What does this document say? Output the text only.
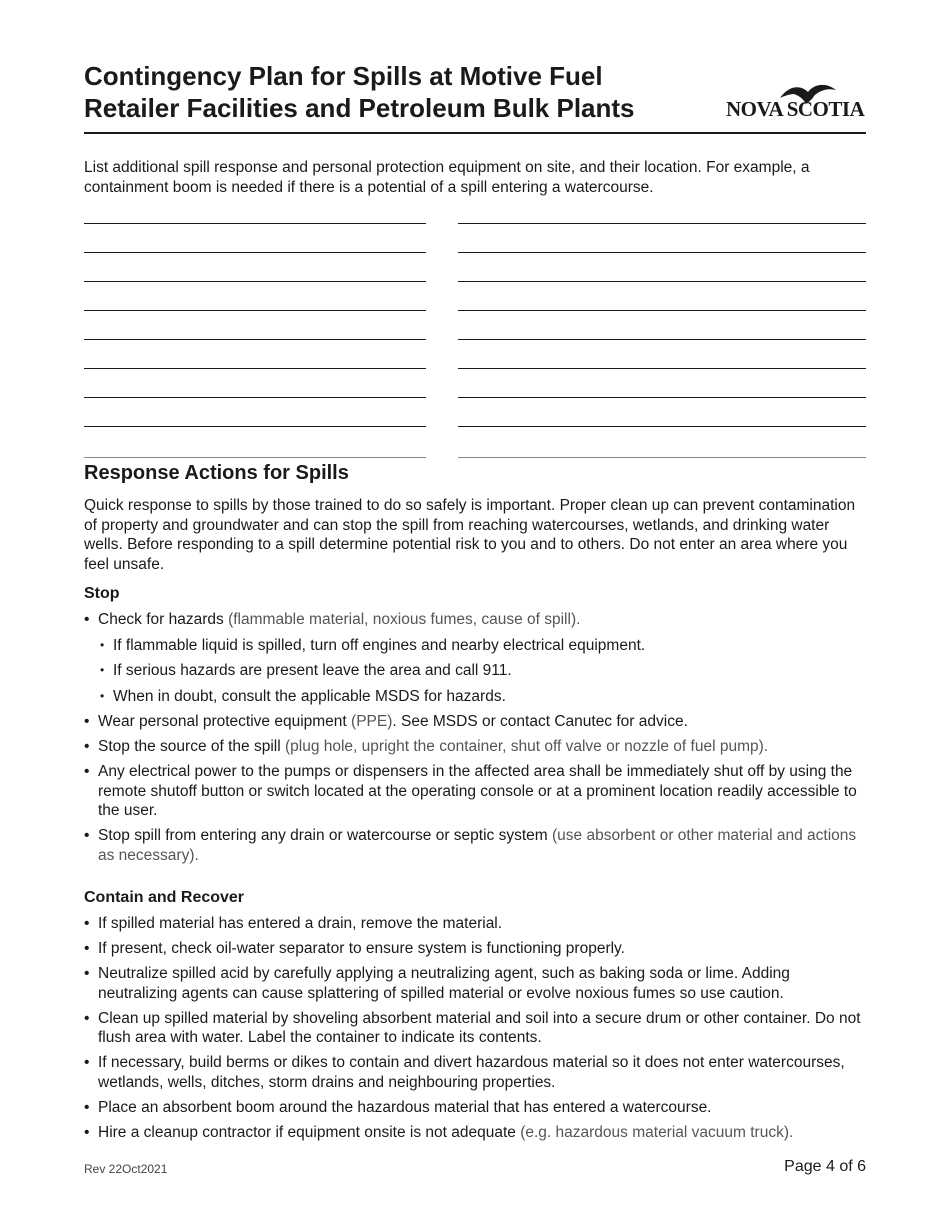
Contingency Plan for Spills at Motive Fuel
Retailer Facilities and Petroleum Bulk Plants	NOVA SCOTIA

List additional spill response and personal protection equipment on site, and their location. For example, a containment boom is needed if there is a potential of a spill entering a watercourse.

Response Actions for Spills

Quick response to spills by those trained to do so safely is important. Proper clean up can prevent contamination of property and groundwater and can stop the spill from reaching watercourses, wetlands, and drinking water wells. Before responding to a spill determine potential risk to you and to others. Do not enter an area where you feel unsafe.

Stop
• Check for hazards (flammable material, noxious fumes, cause of spill).
• If flammable liquid is spilled, turn off engines and nearby electrical equipment.
• If serious hazards are present leave the area and call 911.
• When in doubt, consult the applicable MSDS for hazards.
• Wear personal protective equipment (PPE). See MSDS or contact Canutec for advice.
• Stop the source of the spill (plug hole, upright the container, shut off valve or nozzle of fuel pump).
• Any electrical power to the pumps or dispensers in the affected area shall be immediately shut off by using the remote shutoff button or switch located at the operating console or at a prominent location readily accessible to the user.
• Stop spill from entering any drain or watercourse or septic system (use absorbent or other material and actions as necessary).
Contain and Recover
• If spilled material has entered a drain, remove the material.
• If present, check oil-water separator to ensure system is functioning properly.
• Neutralize spilled acid by carefully applying a neutralizing agent, such as baking soda or lime. Adding neutralizing agents can cause splattering of spilled material or evolve noxious fumes so use caution.
• Clean up spilled material by shoveling absorbent material and soil into a secure drum or other container. Do not flush area with water. Label the container to indicate its contents.
• If necessary, build berms or dikes to contain and divert hazardous material so it does not enter watercourses, wetlands, wells, ditches, storm drains and neighbouring properties.
• Place an absorbent boom around the hazardous material that has entered a watercourse.
• Hire a cleanup contractor if equipment onsite is not adequate (e.g. hazardous material vacuum truck).

Rev 22Oct2021	Page 4 of 6
